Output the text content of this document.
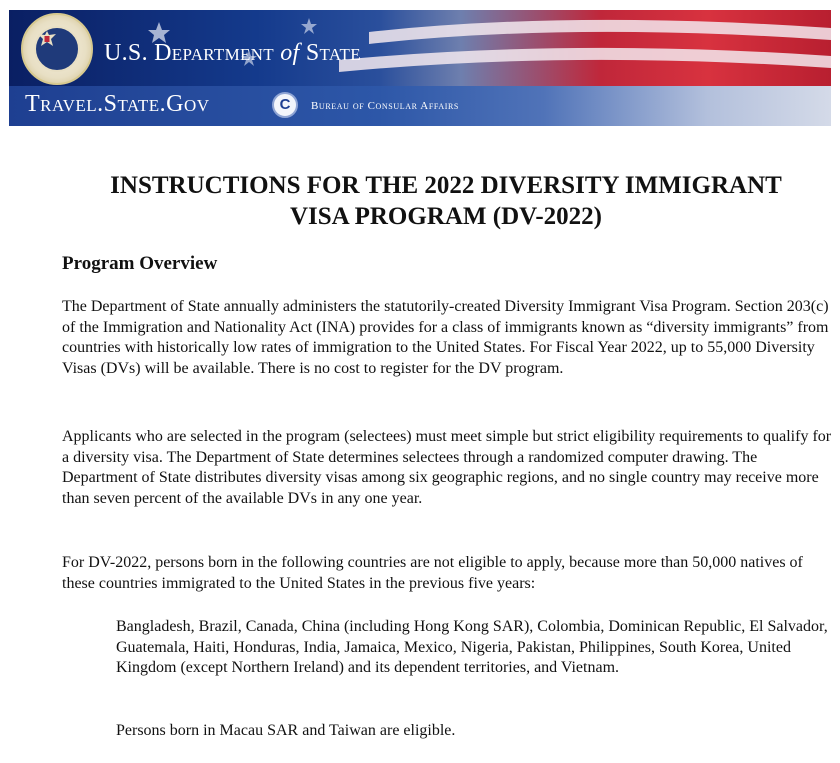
U.S. Department of State
Travel.State.Gov	C	Bureau of Consular Affairs
INSTRUCTIONS FOR THE 2022 DIVERSITY IMMIGRANT
VISA PROGRAM (DV-2022)
Program Overview

The Department of State annually administers the statutorily-created Diversity Immigrant Visa Program. Section 203(c) of the Immigration and Nationality Act (INA) provides for a class of immigrants known as “diversity immigrants” from countries with historically low rates of immigration to the United States. For Fiscal Year 2022, up to 55,000 Diversity Visas (DVs) will be available. There is no cost to register for the DV program.

Applicants who are selected in the program (selectees) must meet simple but strict eligibility requirements to qualify for a diversity visa. The Department of State determines selectees through a randomized computer drawing. The Department of State distributes diversity visas among six geographic regions, and no single country may receive more than seven percent of the available DVs in any one year.

For DV-2022, persons born in the following countries are not eligible to apply, because more than 50,000 natives of these countries immigrated to the United States in the previous five years:

Bangladesh, Brazil, Canada, China (including Hong Kong SAR), Colombia, Dominican Republic, El Salvador, Guatemala, Haiti, Honduras, India, Jamaica, Mexico, Nigeria, Pakistan, Philippines, South Korea, United Kingdom (except Northern Ireland) and its dependent territories, and Vietnam.

Persons born in Macau SAR and Taiwan are eligible.
